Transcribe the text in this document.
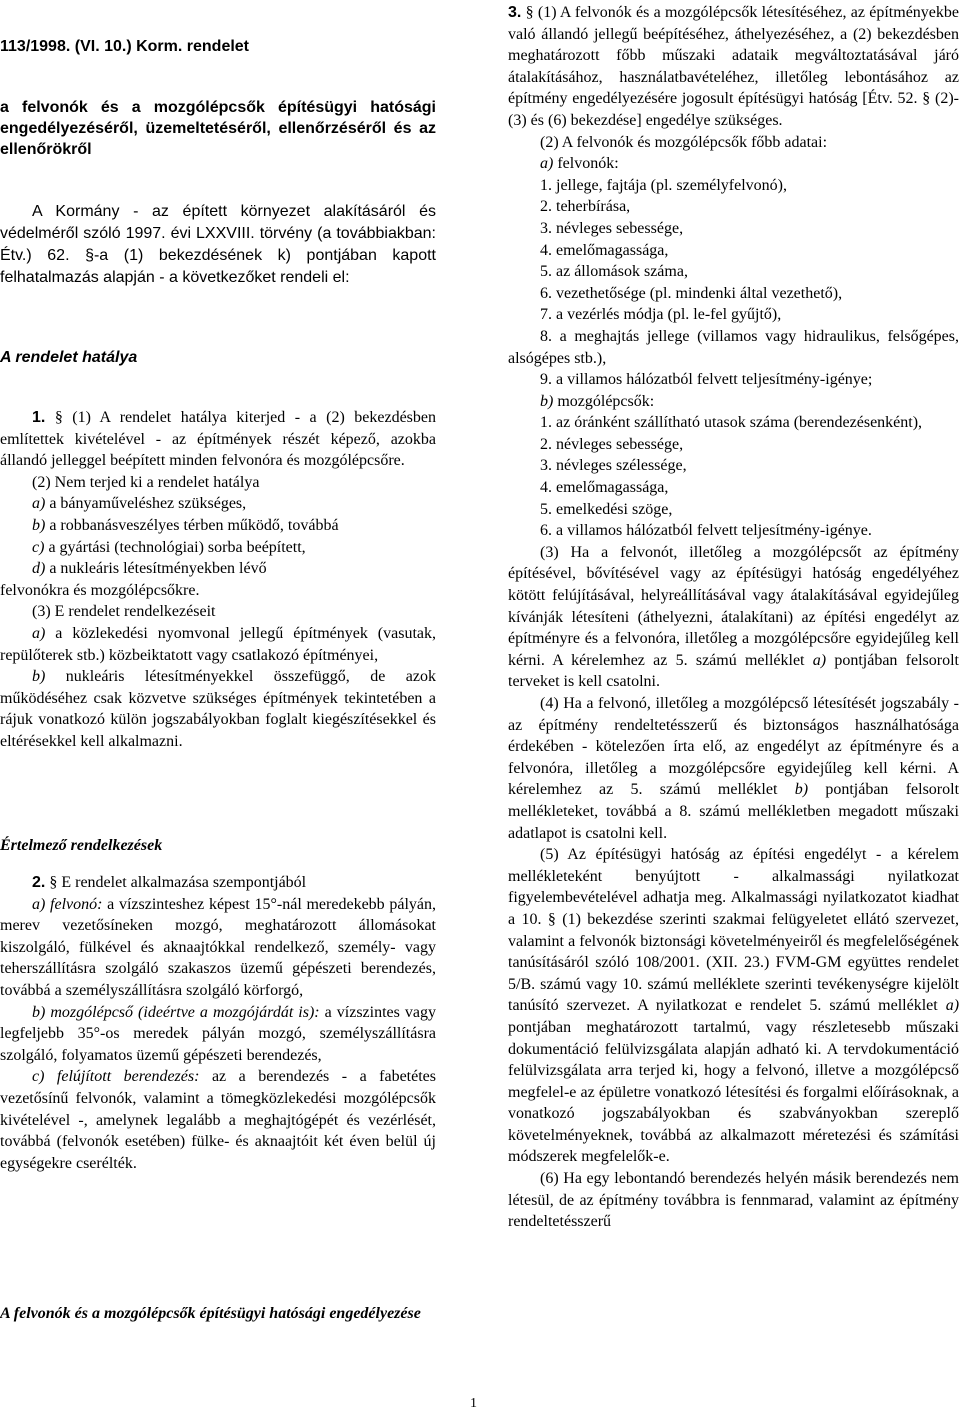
113/1998. (VI. 10.) Korm. rendelet

a felvonók és a mozgólépcsők építésügyi hatósági engedélyezéséről, üzemeltetéséről, ellenőrzéséről és az ellenőrökről

A Kormány - az épített környezet alakításáról és védelméről szóló 1997. évi LXXVIII. törvény (a továbbiakban: Étv.) 62. §-a (1) bekezdésének k) pontjában kapott felhatalmazás alapján - a következőket rendeli el:

A rendelet hatálya

1. § (1) A rendelet hatálya kiterjed - a (2) bekezdésben említettek kivételével - az építmények részét képező, azokba állandó jelleggel beépített minden felvonóra és mozgólépcsőre.

(2) Nem terjed ki a rendelet hatálya

a) a bányaműveléshez szükséges,

b) a robbanásveszélyes térben működő, továbbá

c) a gyártási (technológiai) sorba beépített,

d) a nukleáris létesítményekben lévő

felvonókra és mozgólépcsőkre.

(3) E rendelet rendelkezéseit

a) a közlekedési nyomvonal jellegű építmények (vasutak, repülőterek stb.) közbeiktatott vagy csatlakozó építményei,

b) nukleáris létesítményekkel összefüggő, de azok működéséhez csak közvetve szükséges építmények tekintetében a rájuk vonatkozó külön jogszabályokban foglalt kiegészítésekkel és eltérésekkel kell alkalmazni.

Értelmező rendelkezések

2. § E rendelet alkalmazása szempontjából

a) felvonó: a vízszinteshez képest 15°-nál meredekebb pályán, merev vezetősíneken mozgó, meghatározott állomásokat kiszolgáló, fülkével és aknaajtókkal rendelkező, személy- vagy teherszállításra szolgáló szakaszos üzemű gépészeti berendezés, továbbá a személyszállításra szolgáló körforgó,

b) mozgólépcső (ideértve a mozgójárdát is): a vízszintes vagy legfeljebb 35°-os meredek pályán mozgó, személyszállításra szolgáló, folyamatos üzemű gépészeti berendezés,

c) felújított berendezés: az a berendezés - a fabetétes vezetősínű felvonók, valamint a tömegközlekedési mozgólépcsők kivételével -, amelynek legalább a meghajtógépét és vezérlését, továbbá (felvonók esetében) fülke- és aknaajtóit két éven belül új egységekre cserélték.

A felvonók és a mozgólépcsők építésügyi hatósági engedélyezése

3. § (1) A felvonók és a mozgólépcsők létesítéséhez, az építményekbe való állandó jellegű beépítéséhez, áthelyezéséhez, a (2) bekezdésben meghatározott főbb műszaki adataik megváltoztatásával járó átalakításához, használatbavételéhez, illetőleg lebontásához az építmény engedélyezésére jogosult építésügyi hatóság [Étv. 52. § (2)-(3) és (6) bekezdése] engedélye szükséges.

(2) A felvonók és mozgólépcsők főbb adatai:

a) felvonók:

1. jellege, fajtája (pl. személyfelvonó),

2. teherbírása,

3. névleges sebessége,

4. emelőmagassága,

5. az állomások száma,

6. vezethetősége (pl. mindenki által vezethető),

7. a vezérlés módja (pl. le-fel gyűjtő),

8. a meghajtás jellege (villamos vagy hidraulikus, felsőgépes, alsógépes stb.),

9. a villamos hálózatból felvett teljesítmény-igénye;

b) mozgólépcsők:

1. az óránként szállítható utasok száma (berendezésenként),

2. névleges sebessége,

3. névleges szélessége,

4. emelőmagassága,

5. emelkedési szöge,

6. a villamos hálózatból felvett teljesítmény-igénye.

(3) Ha a felvonót, illetőleg a mozgólépcsőt az építmény építésével, bővítésével vagy az építésügyi hatóság engedélyéhez kötött felújításával, helyreállításával vagy átalakításával egyidejűleg kívánják létesíteni (áthelyezni, átalakítani) az építési engedélyt az építményre és a felvonóra, illetőleg a mozgólépcsőre egyidejűleg kell kérni. A kérelemhez az 5. számú melléklet a) pontjában felsorolt terveket is kell csatolni.

(4) Ha a felvonó, illetőleg a mozgólépcső létesítését jogszabály - az építmény rendeltetésszerű és biztonságos használhatósága érdekében - kötelezően írta elő, az engedélyt az építményre és a felvonóra, illetőleg a mozgólépcsőre egyidejűleg kell kérni. A kérelemhez az 5. számú melléklet b) pontjában felsorolt mellékleteket, továbbá a 8. számú mellékletben megadott műszaki adatlapot is csatolni kell.

(5) Az építésügyi hatóság az építési engedélyt - a kérelem mellékleteként benyújtott - alkalmassági nyilatkozat figyelembevételével adhatja meg. Alkalmassági nyilatkozatot kiadhat a 10. § (1) bekezdése szerinti szakmai felügyeletet ellátó szervezet, valamint a felvonók biztonsági követelményeiről és megfelelőségének tanúsításáról szóló 108/2001. (XII. 23.) FVM-GM együttes rendelet 5/B. számú vagy 10. számú melléklete szerinti tevékenységre kijelölt tanúsító szervezet. A nyilatkozat e rendelet 5. számú melléklet a) pontjában meghatározott tartalmú, vagy részletesebb műszaki dokumentáció felülvizsgálata alapján adható ki. A tervdokumentáció felülvizsgálata arra terjed ki, hogy a felvonó, illetve a mozgólépcső megfelel-e az épületre vonatkozó létesítési és forgalmi előírásoknak, a vonatkozó jogszabályokban és szabványokban szereplő követelményeknek, továbbá az alkalmazott méretezési és számítási módszerek megfelelők-e.

(6) Ha egy lebontandó berendezés helyén másik berendezés nem létesül, de az építmény továbbra is fennmarad, valamint az építmény rendeltetésszerű

1
